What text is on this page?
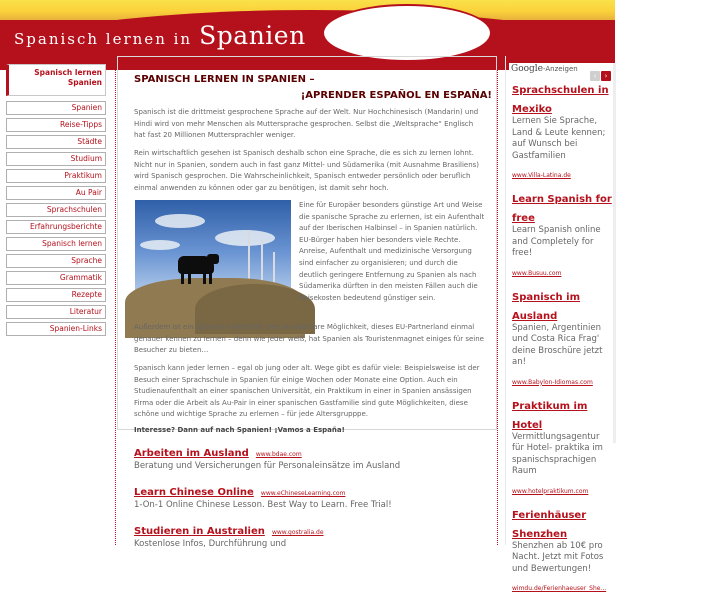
Spanisch lernen in Spanien
Spanisch lernen Spanien
Spanien
Reise-Tipps
Städte
Studium
Praktikum
Au Pair
Sprachschulen
Erfahrungsberichte
Spanisch lernen
Sprache
Grammatik
Rezepte
Literatur
Spanien-Links
SPANISCH LERNEN IN SPANIEN –
¡APRENDER ESPAÑOL EN ESPAÑA!

Spanisch ist die drittmeist gesprochene Sprache auf der Welt. Nur Hochchinesisch (Mandarin) und Hindi wird von mehr Menschen als Muttersprache gesprochen. Selbst die „Weltsprache“ Englisch hat fast 20 Millionen Muttersprachler weniger.

Rein wirtschaftlich gesehen ist Spanisch deshalb schon eine Sprache, die es sich zu lernen lohnt. Nicht nur in Spanien, sondern auch in fast ganz Mittel- und Südamerika (mit Ausnahme Brasiliens) wird Spanisch gesprochen. Die Wahrscheinlichkeit, Spanisch entweder persönlich oder beruflich einmal anwenden zu können oder gar zu benötigen, ist damit sehr hoch.

Eine für Europäer besonders günstige Art und Weise die spanische Sprache zu erlernen, ist ein Aufenthalt auf der Iberischen Halbinsel – in Spanien natürlich. EU-Bürger haben hier besonders viele Rechte. Anreise, Aufenthalt und medizinische Versorgung sind einfacher zu organisieren; und durch die deutlich geringere Entfernung zu Spanien als nach Südamerika dürften in den meisten Fällen auch die Reisekosten bedeutend günstiger sein.

Außerdem ist ein Spanien-Aufenthalt eine wunderbare Möglichkeit, dieses EU-Partnerland einmal genauer kennen zu lernen – denn wie jeder weiß, hat Spanien als Touristenmagnet einiges für seine Besucher zu bieten…

Spanisch kann jeder lernen – egal ob jung oder alt. Wege gibt es dafür viele: Beispielsweise ist der Besuch einer Sprachschule in Spanien für einige Wochen oder Monate eine Option. Auch ein Studienaufenthalt an einer spanischen Universität, ein Praktikum in einer in Spanien ansässigen Firma oder die Arbeit als Au-Pair in einer spanischen Gastfamilie sind gute Möglichkeiten, diese schöne und wichtige Sprache zu erlernen – für jede Altersgrupppe.

Interesse? Dann auf nach Spanien! ¡Vamos a España!

Arbeiten im Ausland www.bdae.com
Beratung und Versicherungen für Personaleinsätze im Ausland
Learn Chinese Online www.eChineseLearning.com
1-On-1 Online Chinese Lesson. Best Way to Learn. Free Trial!
Studieren in Australien www.gostralia.de
Kostenlose Infos, Durchführung und
Google-Anzeigen
‹ ›
Sprachschulen in Mexiko
Lernen Sie Sprache, Land & Leute kennen; auf Wunsch bei Gastfamilien
www.Villa-Latina.de
Learn Spanish for free
Learn Spanish online and Completely for free!
www.Busuu.com
Spanisch im Ausland
Spanien, Argentinien und Costa Rica Frag' deine Broschüre jetzt an!
www.Babylon-Idiomas.com
Praktikum im Hotel
Vermittlungsagentur für Hotel- praktika im spanischsprachigen Raum
www.hotelpraktikum.com
Ferienhäuser Shenzhen
Shenzhen ab 10€ pro Nacht. Jetzt mit Fotos und Bewertungen!
wimdu.de/Ferienhaeuser_She...
